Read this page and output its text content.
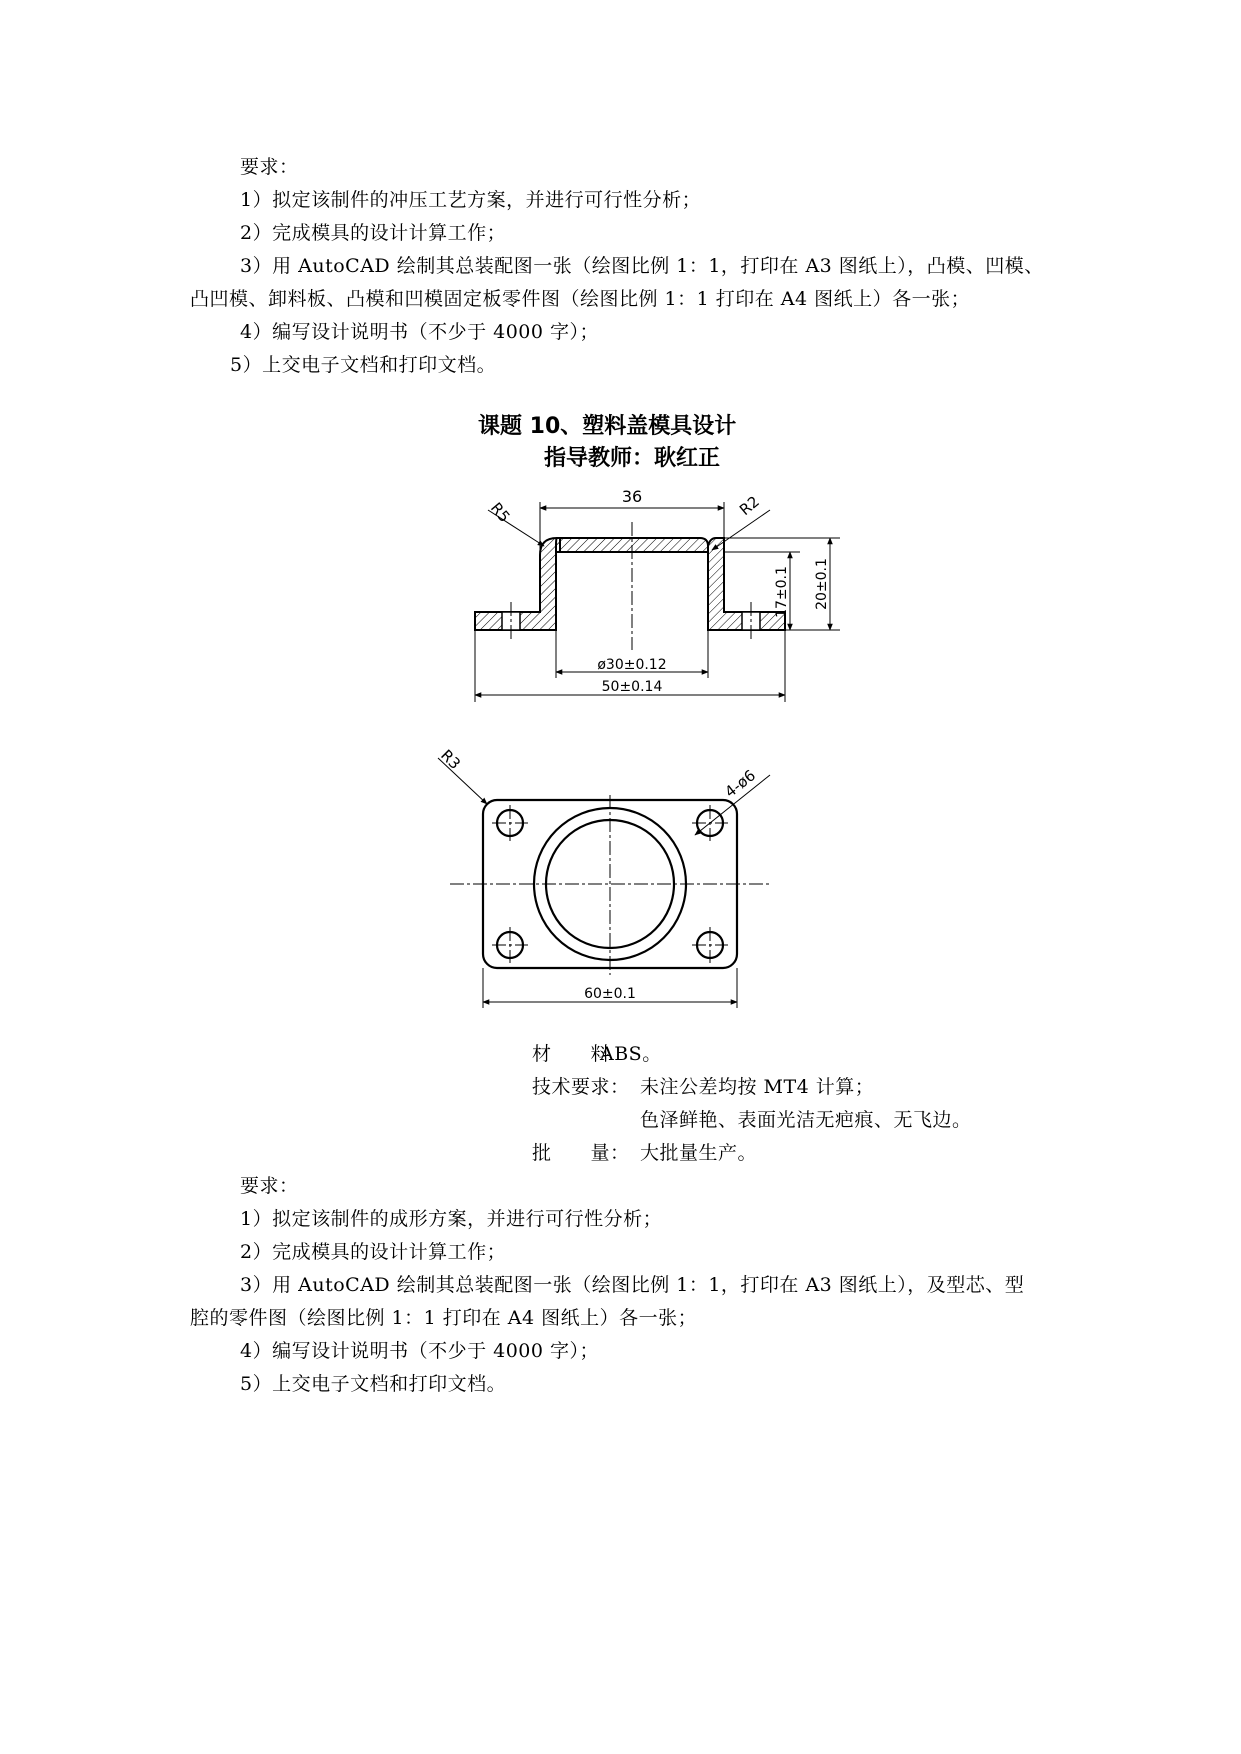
要求：
1）拟定该制件的冲压工艺方案，并进行可行性分析；
2）完成模具的设计计算工作；
3）用 AutoCAD 绘制其总装配图一张（绘图比例 1：1，打印在 A3 图纸上），凸模、凹模、
凸凹模、卸料板、凸模和凹模固定板零件图（绘图比例 1：1 打印在 A4 图纸上）各一张；
4）编写设计说明书（不少于 4000 字）；
5）上交电子文档和打印文档。
课题 10、塑料盖模具设计
指导教师：耿红正
36
R5	R2
17±0.1 20±0.1
ø30±0.12
50±0.14
R3
4-ø6
60±0.1
材　　料
ABS。
技术要求： 未注公差均按 MT4 计算；
色泽鲜艳、表面光洁无疤痕、无飞边。
批　　量： 大批量生产。
要求：
1）拟定该制件的成形方案，并进行可行性分析；
2）完成模具的设计计算工作；
3）用 AutoCAD 绘制其总装配图一张（绘图比例 1：1，打印在 A3 图纸上），及型芯、型
腔的零件图（绘图比例 1：1 打印在 A4 图纸上）各一张；
4）编写设计说明书（不少于 4000 字）；
5）上交电子文档和打印文档。
